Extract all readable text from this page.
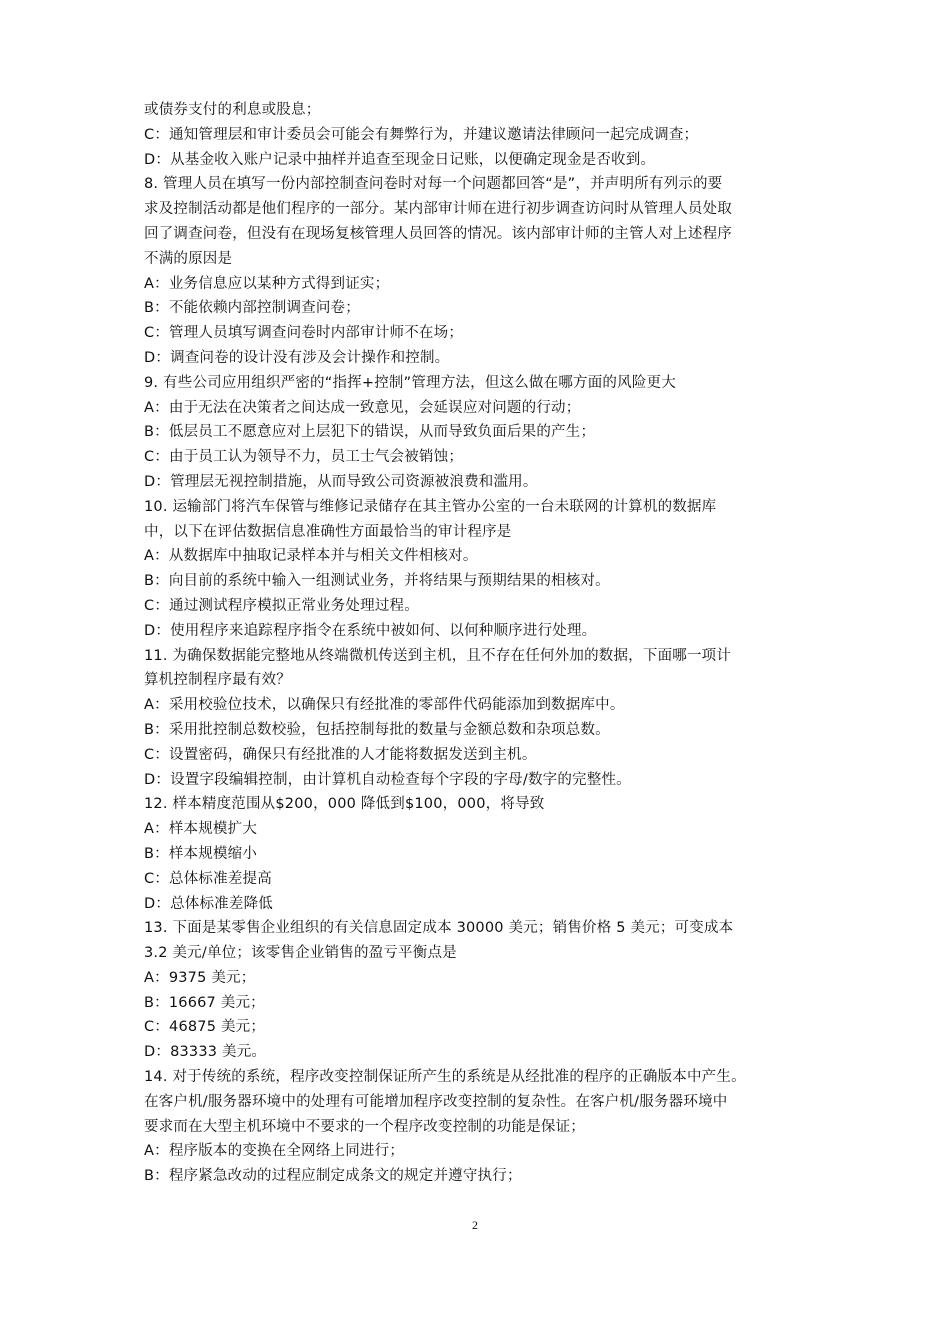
或债券支付的利息或股息；
C：通知管理层和审计委员会可能会有舞弊行为，并建议邀请法律顾问一起完成调查；
D：从基金收入账户记录中抽样并追查至现金日记账，以便确定现金是否收到。
8. 管理人员在填写一份内部控制查问卷时对每一个问题都回答“是”，并声明所有列示的要
求及控制活动都是他们程序的一部分。某内部审计师在进行初步调查访问时从管理人员处取
回了调查问卷，但没有在现场复核管理人员回答的情况。该内部审计师的主管人对上述程序
不满的原因是
A：业务信息应以某种方式得到证实；
B：不能依赖内部控制调查问卷；
C：管理人员填写调查问卷时内部审计师不在场；
D：调查问卷的设计没有涉及会计操作和控制。
9. 有些公司应用组织严密的“指挥+控制”管理方法，但这么做在哪方面的风险更大
A：由于无法在决策者之间达成一致意见，会延误应对问题的行动；
B：低层员工不愿意应对上层犯下的错误，从而导致负面后果的产生；
C：由于员工认为领导不力，员工士气会被销蚀；
D：管理层无视控制措施，从而导致公司资源被浪费和滥用。
10. 运输部门将汽车保管与维修记录储存在其主管办公室的一台未联网的计算机的数据库
中，以下在评估数据信息准确性方面最恰当的审计程序是
A：从数据库中抽取记录样本并与相关文件相核对。
B：向目前的系统中输入一组测试业务，并将结果与预期结果的相核对。
C：通过测试程序模拟正常业务处理过程。
D：使用程序来追踪程序指令在系统中被如何、以何种顺序进行处理。
11. 为确保数据能完整地从终端微机传送到主机，且不存在任何外加的数据，下面哪一项计
算机控制程序最有效？
A：采用校验位技术，以确保只有经批准的零部件代码能添加到数据库中。
B：采用批控制总数校验，包括控制每批的数量与金额总数和杂项总数。
C：设置密码，确保只有经批准的人才能将数据发送到主机。
D：设置字段编辑控制，由计算机自动检查每个字段的字母/数字的完整性。
12. 样本精度范围从$200，000 降低到$100，000，将导致
A：样本规模扩大
B：样本规模缩小
C：总体标准差提高
D：总体标准差降低
13. 下面是某零售企业组织的有关信息固定成本 30000 美元；销售价格 5 美元；可变成本
3.2 美元/单位；该零售企业销售的盈亏平衡点是
A：9375 美元；
B：16667 美元；
C：46875 美元；
D：83333 美元。
14. 对于传统的系统，程序改变控制保证所产生的系统是从经批准的程序的正确版本中产生。
在客户机/服务器环境中的处理有可能增加程序改变控制的复杂性。在客户机/服务器环境中
要求而在大型主机环境中不要求的一个程序改变控制的功能是保证；
A：程序版本的变换在全网络上同进行；
B：程序紧急改动的过程应制定成条文的规定并遵守执行；
2
